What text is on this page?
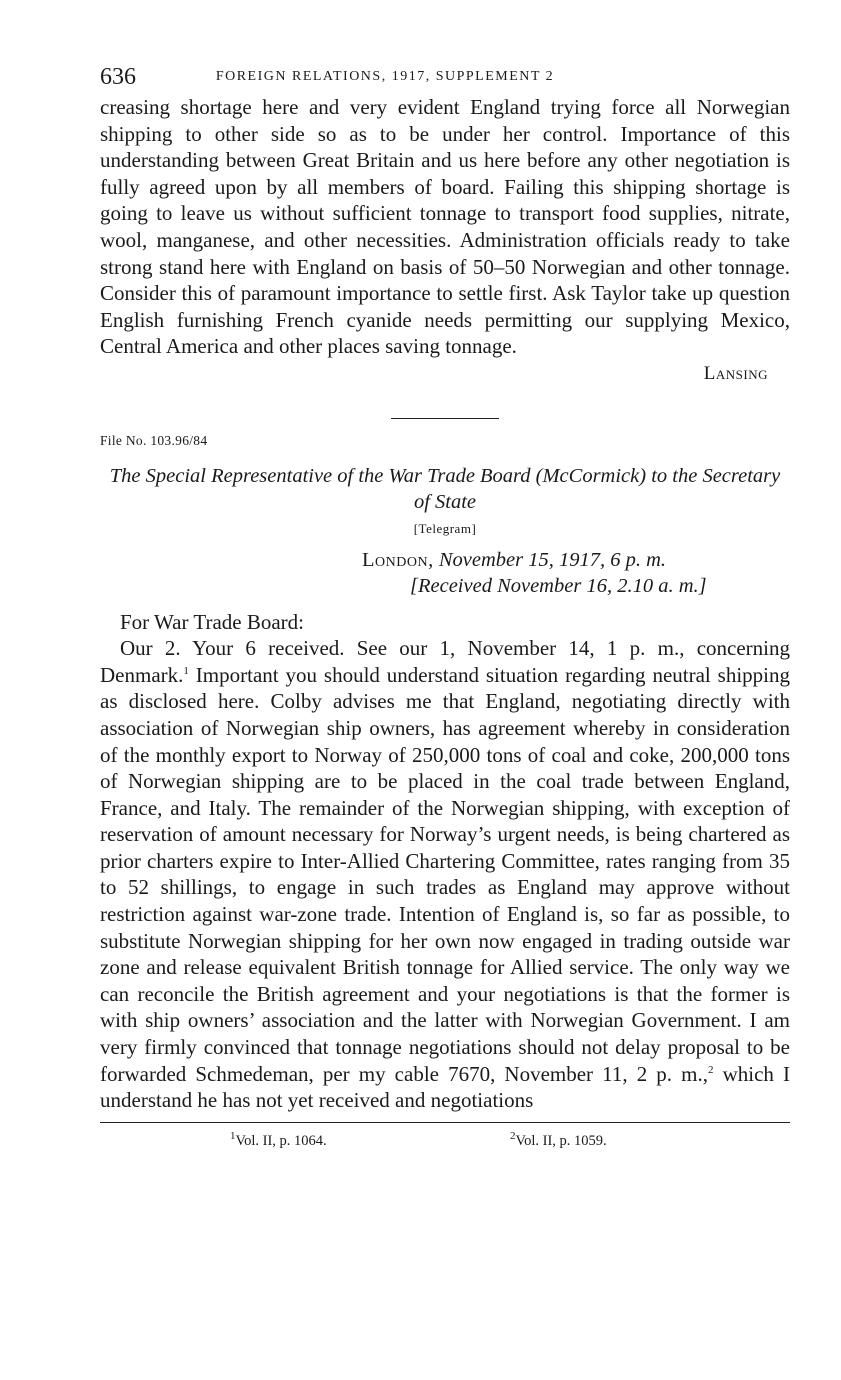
636	FOREIGN RELATIONS, 1917, SUPPLEMENT 2

creasing shortage here and very evident England trying force all Norwegian shipping to other side so as to be under her control. Importance of this understanding between Great Britain and us here before any other negotiation is fully agreed upon by all members of board. Failing this shipping shortage is going to leave us without sufficient tonnage to transport food supplies, nitrate, wool, manganese, and other necessities. Administration officials ready to take strong stand here with England on basis of 50–50 Norwegian and other tonnage. Consider this of paramount importance to settle first. Ask Taylor take up question English furnishing French cyanide needs permitting our supplying Mexico, Central America and other places saving tonnage.

Lansing
File No. 103.96/84
The Special Representative of the War Trade Board (McCormick) to the Secretary of State
[Telegram]
London, November 15, 1917, 6 p. m.
[Received November 16, 2.10 a. m.]
For War Trade Board:
Our 2. Your 6 received. See our 1, November 14, 1 p. m., concerning Denmark.$^1$ Important you should understand situation regarding neutral shipping as disclosed here. Colby advises me that England, negotiating directly with association of Norwegian ship owners, has agreement whereby in consideration of the monthly export to Norway of 250,000 tons of coal and coke, 200,000 tons of Norwegian shipping are to be placed in the coal trade between England, France, and Italy. The remainder of the Norwegian shipping, with exception of reservation of amount necessary for Norway’s urgent needs, is being chartered as prior charters expire to Inter-Allied Chartering Committee, rates ranging from 35 to 52 shillings, to engage in such trades as England may approve without restriction against war-zone trade. Intention of England is, so far as possible, to substitute Norwegian shipping for her own now engaged in trading outside war zone and release equivalent British tonnage for Allied service. The only way we can reconcile the British agreement and your negotiations is that the former is with ship owners’ association and the latter with Norwegian Government. I am very firmly convinced that tonnage negotiations should not delay proposal to be forwarded Schmedeman, per my cable 7670, November 11, 2 p. m.,$^2$ which I understand he has not yet received and negotiations
$^1$Vol. II, p. 1064.	$^2$Vol. II, p. 1059.
